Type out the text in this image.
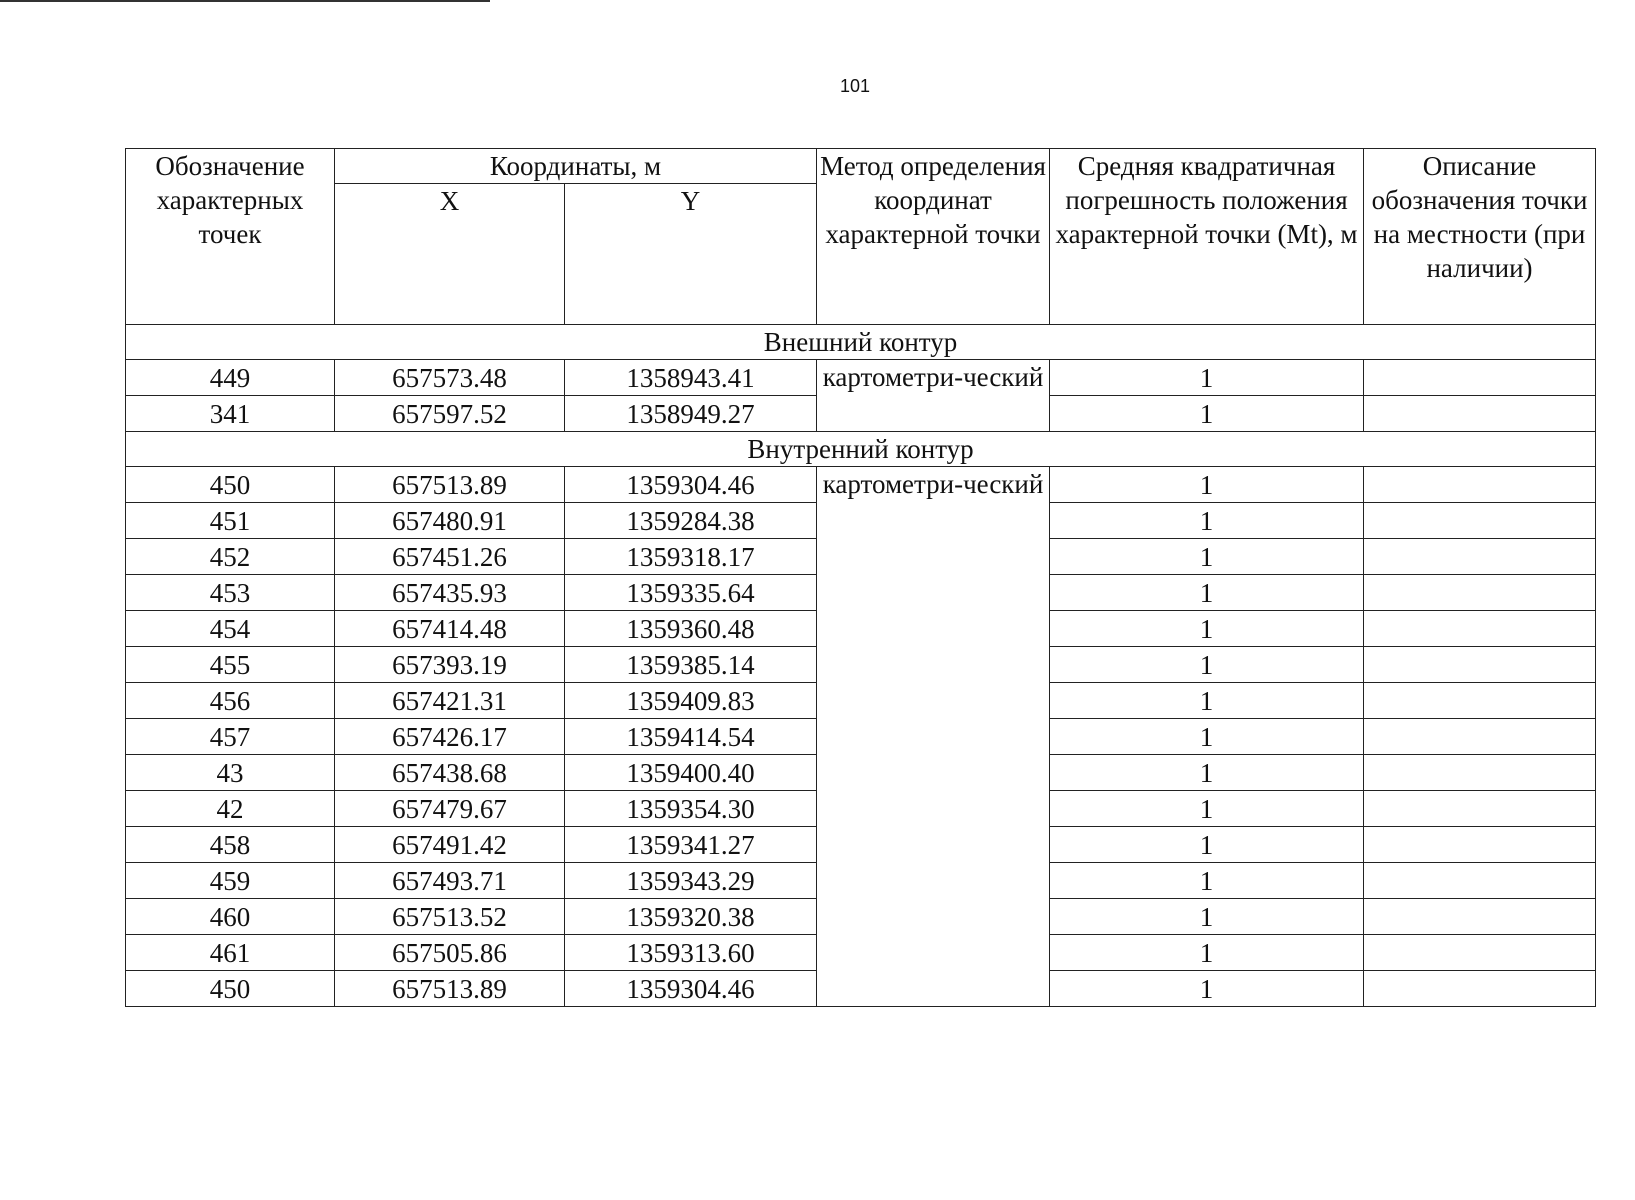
101
Обозначение характерных точек	Координаты, м		Метод определения координат характерной точки	Средняя квадратичная погрешность положения характерной точки (Mt), м	Описание обозначения точки на местности (при наличии)
	X	Y			
Внешний контур					
449	657573.48	1358943.41	картометри-ческий	1	
341	657597.52	1358949.27		1	
Внутренний контур					
450	657513.89	1359304.46	картометри-ческий	1	
451	657480.91	1359284.38		1	
452	657451.26	1359318.17		1	
453	657435.93	1359335.64		1	
454	657414.48	1359360.48		1	
455	657393.19	1359385.14		1	
456	657421.31	1359409.83		1	
457	657426.17	1359414.54		1	
43	657438.68	1359400.40		1	
42	657479.67	1359354.30		1	
458	657491.42	1359341.27		1	
459	657493.71	1359343.29		1	
460	657513.52	1359320.38		1	
461	657505.86	1359313.60		1	
450	657513.89	1359304.46		1	
